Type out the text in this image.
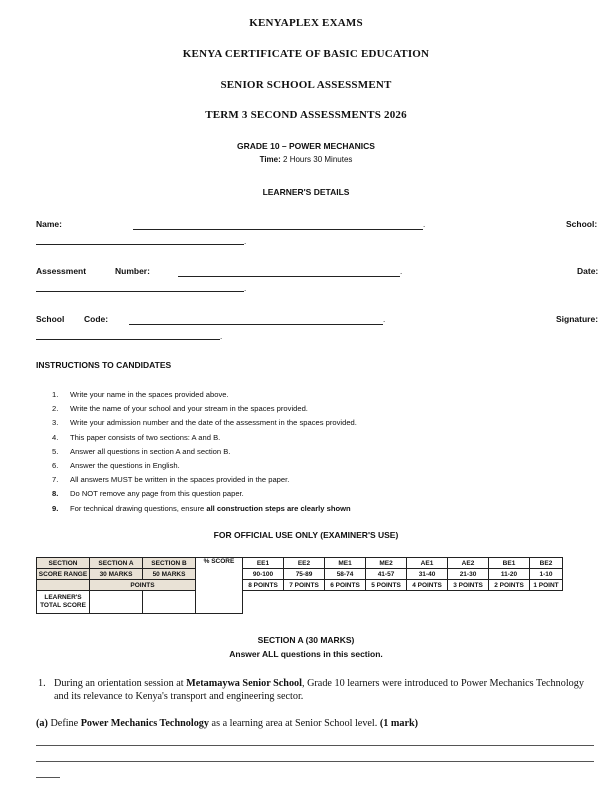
KENYAPLEX EXAMS
KENYA CERTIFICATE OF BASIC EDUCATION
SENIOR SCHOOL ASSESSMENT
TERM 3 SECOND ASSESSMENTS 2026
GRADE 10 – POWER MECHANICS
Time: 2 Hours 30 Minutes
LEARNER'S DETAILS
Name:	.	School:
.
Assessment	Number:	.	Date:
.
School Code:	.	Signature:
.
INSTRUCTIONS TO CANDIDATES
1. Write your name in the spaces provided above.
2. Write the name of your school and your stream in the spaces provided.
3. Write your admission number and the date of the assessment in the spaces provided.
4. This paper consists of two sections: A and B.
5. Answer all questions in section A and section B.
6. Answer the questions in English.
7. All answers MUST be written in the spaces provided in the paper.
8. Do NOT remove any page from this question paper.
9. For technical drawing questions, ensure all construction steps are clearly shown
FOR OFFICIAL USE ONLY (EXAMINER'S USE)
SECTION	SECTION A	SECTION B	% SCORE	EE1	EE2	ME1	ME2	AE1	AE2	BE1	BE2
SCORE RANGE	30 MARKS	50 MARKS		90-100	75-89	58-74	41-57	31-40	21-30	11-20	1-10
	POINTS			8 POINTS	7 POINTS	6 POINTS	5 POINTS	4 POINTS	3 POINTS	2 POINTS	1 POINT
LEARNER'S TOTAL SCORE											
SECTION A (30 MARKS)
Answer ALL questions in this section.
1. During an orientation session at Metamaywa Senior School, Grade 10 learners were introduced to Power Mechanics Technology and its relevance to Kenya's transport and engineering sector.
(a) Define Power Mechanics Technology as a learning area at Senior School level. (1 mark)
